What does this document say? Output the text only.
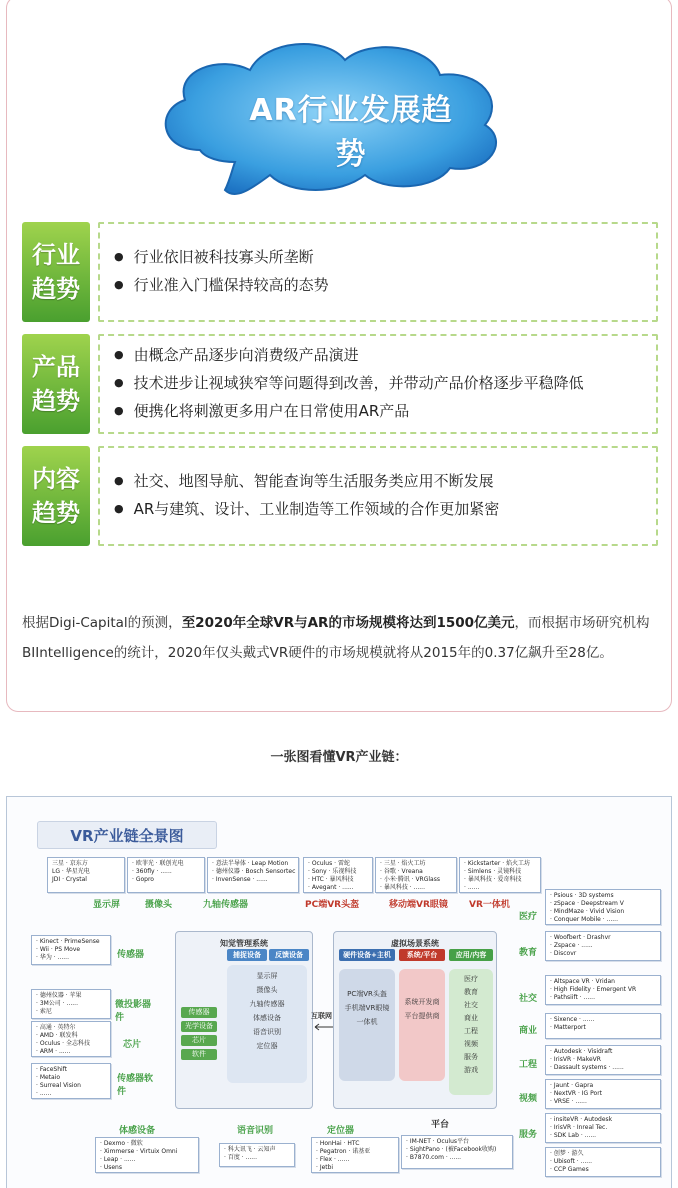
AR行业发展趋势
行业
趋势
● 行业依旧被科技寡头所垄断
● 行业准入门槛保持较高的态势
产品
趋势
● 由概念产品逐步向消费级产品演进
● 技术进步让视域狭窄等问题得到改善，并带动产品价格逐步平稳降低
● 便携化将刺激更多用户在日常使用AR产品
内容
趋势
● 社交、地图导航、智能查询等生活服务类应用不断发展
● AR与建筑、设计、工业制造等工作领域的合作更加紧密
根据Digi-Capital的预测，至2020年全球VR与AR的市场规模将达到1500亿美元，而根据市场研究机构BIIntelligence的统计，2020年仅头戴式VR硬件的市场规模就将从2015年的0.37亿飙升至28亿。
一张图看懂VR产业链：
VR产业链全景图
三星 · 京东方
LG · 华星光电
JDI · Crystal
· 欧菲光 · 联创光电
· 360fly · ......
· Gopro
· 意法半导体 · Leap Motion
· 德州仪器 · Bosch Sensortec
· InvenSense · ......
· Oculus · 雷蛇
· Sony · 乐视科技
· HTC · 暴风科技
· Avegant · ......
· 三星 · 焰火工坊
· 谷歌 · Vreana
· 小米·腾讯 · VRGlass
· 暴风科技 · ......
· Kickstarter · 焰火工坊
· Simlens · 灵镜科技
· 暴风科技 · 爱奇科技
· ......
显示屏	摄像头	九轴传感器	PC端VR头盔	移动端VR眼镜 VR一体机
· Kinect · PrimeSense
· Wii · PS Move
· 华为 · ......
· 德州仪器 · 苹果
· 3M公司 · ......
· 索尼
· 高通 · 英特尔
· AMD · 联发科
· Oculus · 全志科技
· ARM · ......
· FaceShift
· Metaio
· Surreal Vision
· ......
传感器
微投影器件
芯片
传感器软件
知觉管理系统
捕捉设备	反馈设备
传感器
光学设备
芯片
软件
显示屏
摄像头
九轴传感器
体感设备
语音识别
定位器
互联网
虚拟场景系统
硬件设备+主机	系统/平台	应用/内容
PC端VR头盔
手机端VR眼镜
一体机
系统开发商
平台提供商
医疗
教育
社交
商业
工程
视频
服务
游戏
医疗
教育
社交
商业
工程
视频
服务
· Psious · 3D systems
· zSpace · Deepstream V
· MindMaze · Vivid Vision
· Conquer Mobile · ......
· Woofbert · Drashvr
· Zspace · ......
· Discovr
· Altspace VR · Vridan
· High Fidelity · Emergent VR
· Pathsiift · ......
· Sixence · ......
· Matterport
· Autodesk · Visidraft
· IrisVR · MakeVR
· Dassault systems · ......
· Jaunt · Gapra
· NextVR · IG Port
· VRSE · ......
· insiteVR · Autodesk
· IrisVR · Inreal Tec.
· SDK Lab · ......
· 创梦 · 游久
· Ubisoft · ......
· CCP Games
体感设备	语音识别	定位器
平台
· Dexmo · 微软
· Ximmerse · Virtuix Omni
· Leap · ......
· Usens
· 科大讯飞 · 云知声
· 百度 · ......
· HonHai · HTC
· Pegatron · 诺基亚
· Flex · ......
· Jetbi
· IM-NET · Oculus平台
· SightPano · (被Facebook收购)
· B7870.com · ......
